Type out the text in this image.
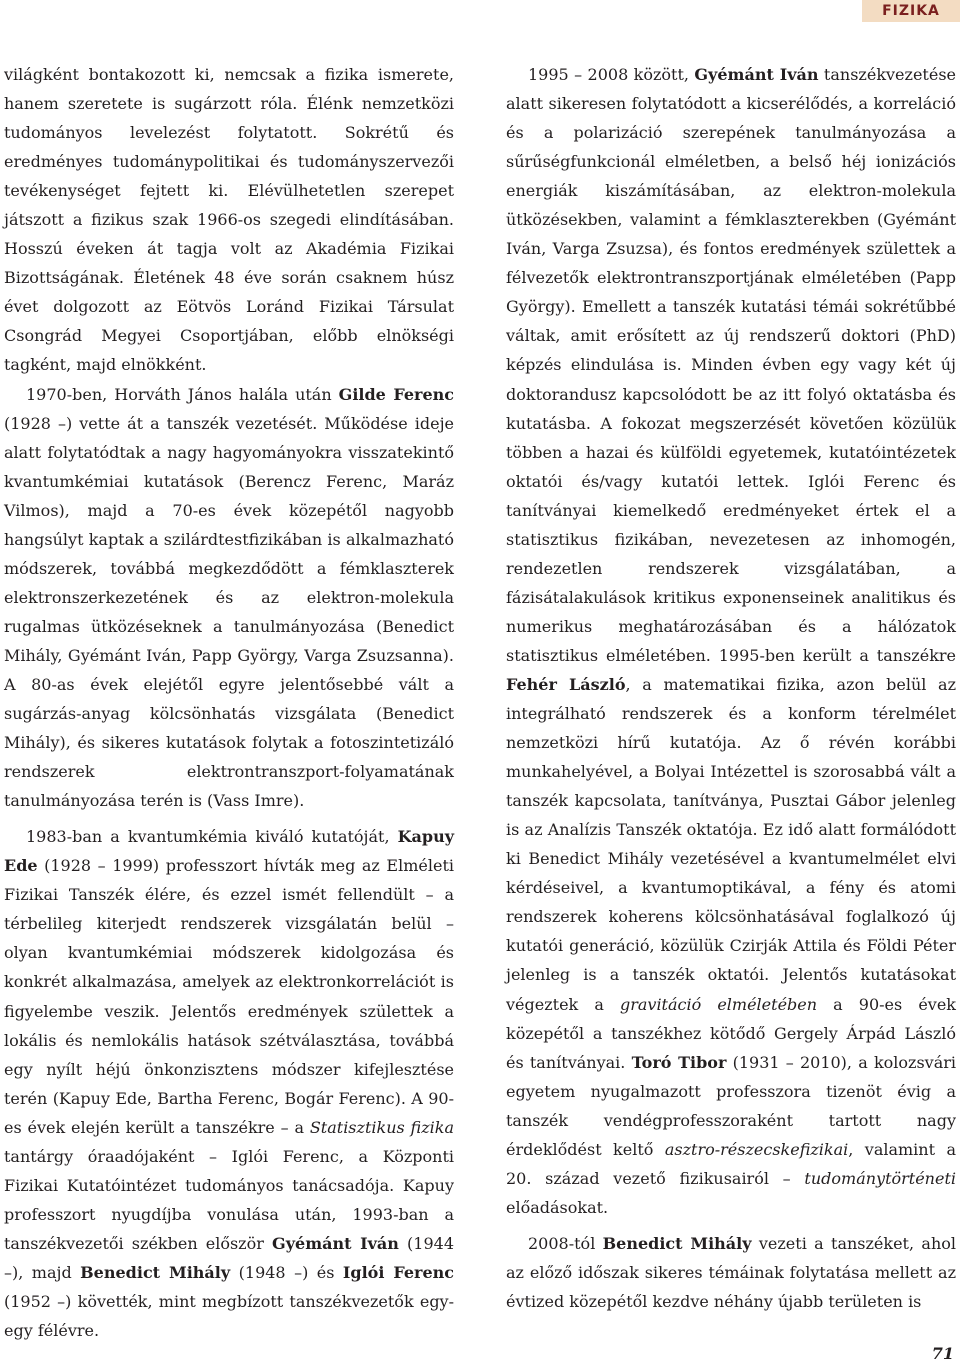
FIZIKA

világként bontakozott ki, nemcsak a fizika ismerete, hanem szeretete is sugárzott róla. Élénk nemzetközi tudományos levelezést folytatott. Sokrétű és eredményes tudománypolitikai és tudományszervezői tevékenységet fejtett ki. Elévülhetetlen szerepet játszott a fizikus szak 1966-os szegedi elindításában. Hosszú éveken át tagja volt az Akadémia Fizikai Bizottságának. Életének 48 éve során csaknem húsz évet dolgozott az Eötvös Loránd Fizikai Társulat Csongrád Megyei Csoportjában, előbb elnökségi tagként, majd elnökként.

1970-ben, Horváth János halála után Gilde Ferenc (1928 –) vette át a tanszék vezetését. Működése ideje alatt folytatódtak a nagy hagyományokra visszatekintő kvantumkémiai kutatások (Berencz Ferenc, Maráz Vilmos), majd a 70-es évek közepétől nagyobb hangsúlyt kaptak a szilárdtestfizikában is alkalmazható módszerek, továbbá megkezdődött a fémklaszterek elektronszerkezetének és az elektron-molekula rugalmas ütközéseknek a tanulmányozása (Benedict Mihály, Gyémánt Iván, Papp György, Varga Zsuzsanna). A 80-as évek elejétől egyre jelentősebbé vált a sugárzás-anyag kölcsönhatás vizsgálata (Benedict Mihály), és sikeres kutatások folytak a fotoszintetizáló rendszerek elektrontranszport-folyamatának tanulmányozása terén is (Vass Imre).

1983-ban a kvantumkémia kiváló kutatóját, Kapuy Ede (1928 – 1999) professzort hívták meg az Elméleti Fizikai Tanszék élére, és ezzel ismét fellendült – a térbelileg kiterjedt rendszerek vizsgálatán belül – olyan kvantumkémiai módszerek kidolgozása és konkrét alkalmazása, amelyek az elektronkorrelációt is figyelembe veszik. Jelentős eredmények születtek a lokális és nemlokális hatások szétválasztása, továbbá egy nyílt héjú önkonzisztens módszer kifejlesztése terén (Kapuy Ede, Bartha Ferenc, Bogár Ferenc). A 90-es évek elején került a tanszékre – a Statisztikus fizika tantárgy óraadójaként – Iglói Ferenc, a Központi Fizikai Kutatóintézet tudományos tanácsadója. Kapuy professzort nyugdíjba vonulása után, 1993-ban a tanszékvezetői székben először Gyémánt Iván (1944 –), majd Benedict Mihály (1948 –) és Iglói Ferenc (1952 –) követték, mint megbízott tanszékvezetők egy-egy félévre.

1995 – 2008 között, Gyémánt Iván tanszékvezetése alatt sikeresen folytatódott a kicserélődés, a korreláció és a polarizáció szerepének tanulmányozása a sűrűségfunkcionál elméletben, a belső héj ionizációs energiák kiszámításában, az elektron-molekula ütközésekben, valamint a fémklaszterekben (Gyémánt Iván, Varga Zsuzsa), és fontos eredmények születtek a félvezetők elektrontranszportjának elméletében (Papp György). Emellett a tanszék kutatási témái sokrétűbbé váltak, amit erősített az új rendszerű doktori (PhD) képzés elindulása is. Minden évben egy vagy két új doktorandusz kapcsolódott be az itt folyó oktatásba és kutatásba. A fokozat megszerzését követően közülük többen a hazai és külföldi egyetemek, kutatóintézetek oktatói és/vagy kutatói lettek. Iglói Ferenc és tanítványai kiemelkedő eredményeket értek el a statisztikus fizikában, nevezetesen az inhomogén, rendezetlen rendszerek vizsgálatában, a fázisátalakulások kritikus exponenseinek analitikus és numerikus meghatározásában és a hálózatok statisztikus elméletében. 1995-ben került a tanszékre Fehér László, a matematikai fizika, azon belül az integrálható rendszerek és a konform térelmélet nemzetközi hírű kutatója. Az ő révén korábbi munkahelyével, a Bolyai Intézettel is szorosabbá vált a tanszék kapcsolata, tanítványa, Pusztai Gábor jelenleg is az Analízis Tanszék oktatója. Ez idő alatt formálódott ki Benedict Mihály vezetésével a kvantumelmélet elvi kérdéseivel, a kvantumoptikával, a fény és atomi rendszerek koherens kölcsönhatásával foglalkozó új kutatói generáció, közülük Czirják Attila és Földi Péter jelenleg is a tanszék oktatói. Jelentős kutatásokat végeztek a gravitáció elméletében a 90-es évek közepétől a tanszékhez kötődő Gergely Árpád László és tanítványai. Toró Tibor (1931 – 2010), a kolozsvári egyetem nyugalmazott professzora tizenöt évig a tanszék vendégprofesszoraként tartott nagy érdeklődést keltő asztro-részecskefizikai, valamint a 20. század vezető fizikusairól – tudománytörténeti előadásokat.

2008-tól Benedict Mihály vezeti a tanszéket, ahol az előző időszak sikeres témáinak folytatása mellett az évtized közepétől kezdve néhány újabb területen is

71
